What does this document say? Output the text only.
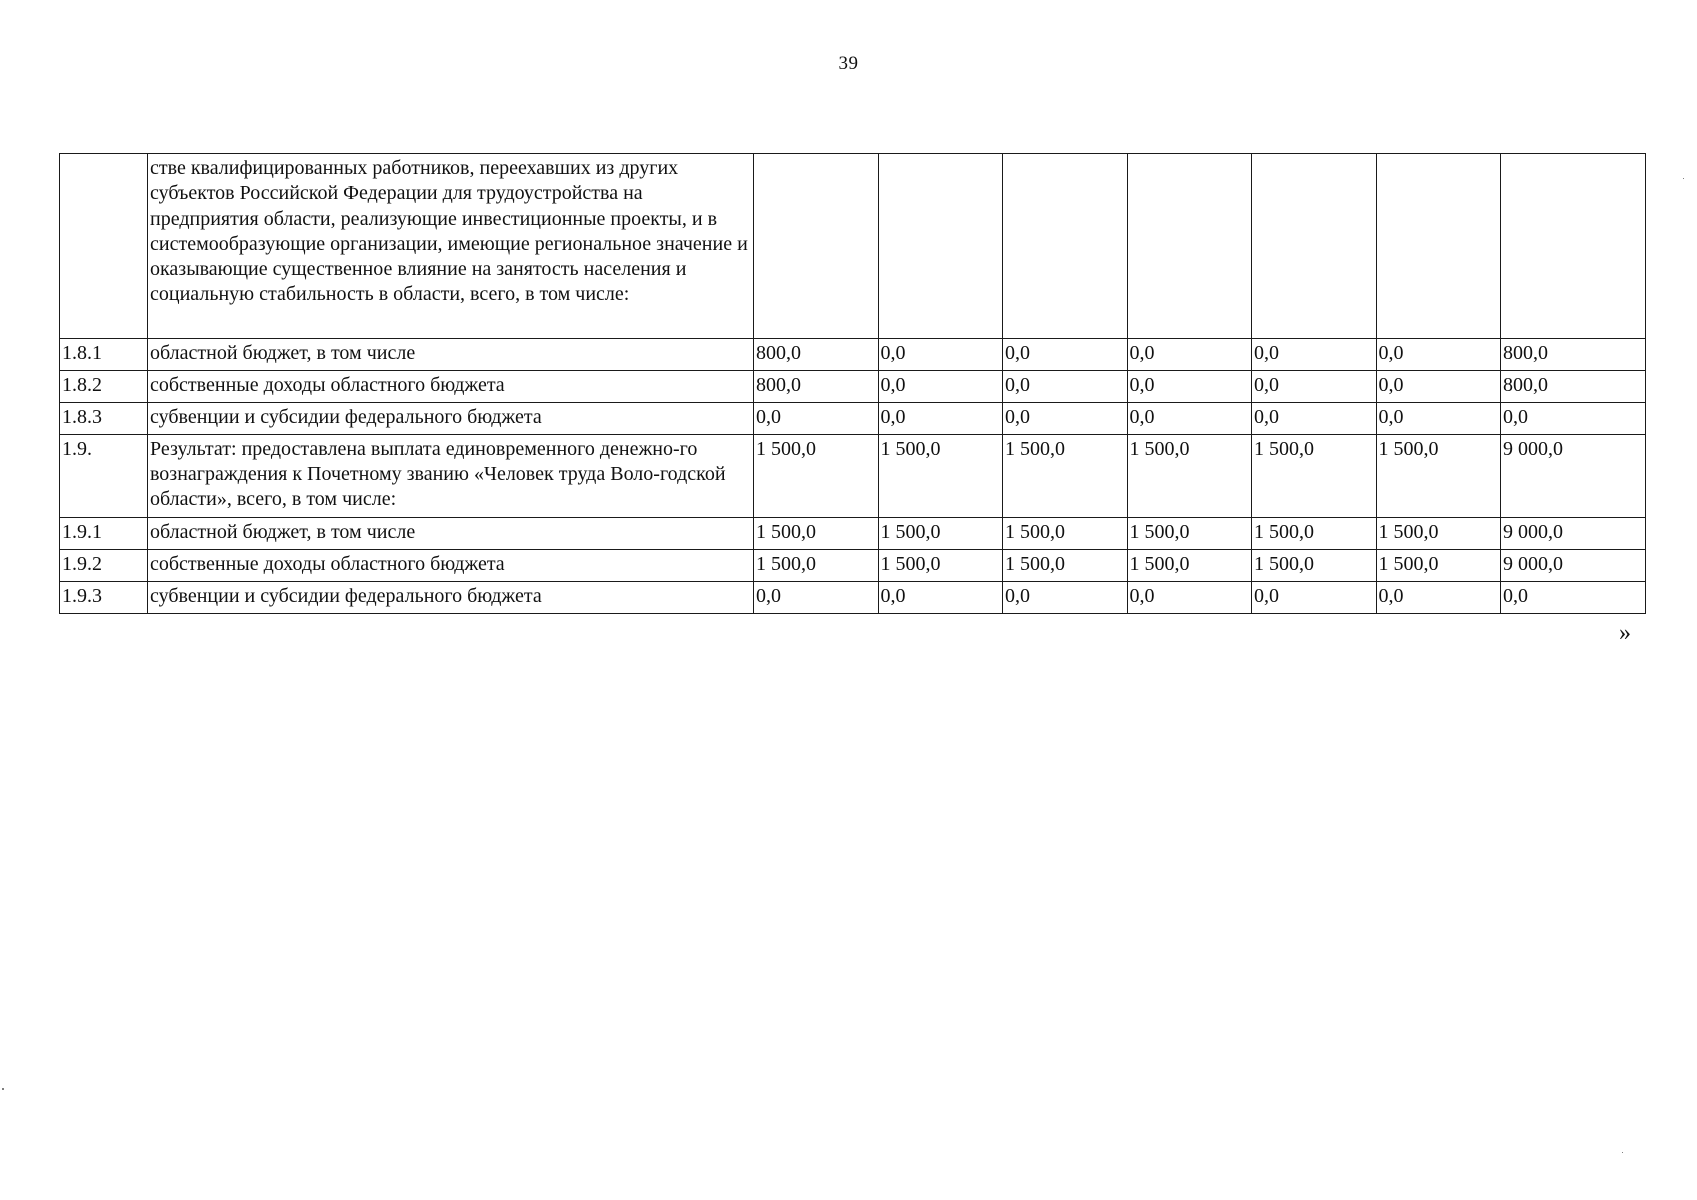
39
	стве квалифицированных работников, переехавших из других субъектов Российской Федерации для трудоустройства на предприятия области, реализующие инвестиционные проекты, и в системообразующие организации, имеющие региональное значение и оказывающие существенное влияние на занятость населения и социальную стабильность в области, всего, в том числе:							
1.8.1	областной бюджет, в том числе	800,0	0,0	0,0	0,0	0,0	0,0	800,0
1.8.2	собственные доходы областного бюджета	800,0	0,0	0,0	0,0	0,0	0,0	800,0
1.8.3	субвенции и субсидии федерального бюджета	0,0	0,0	0,0	0,0	0,0	0,0	0,0
1.9.	Результат: предоставлена выплата единовременного денежно-го вознаграждения к Почетному званию «Человек труда Воло-годской области», всего, в том числе:	1 500,0	1 500,0	1 500,0	1 500,0	1 500,0	1 500,0	9 000,0
1.9.1	областной бюджет, в том числе	1 500,0	1 500,0	1 500,0	1 500,0	1 500,0	1 500,0	9 000,0
1.9.2	собственные доходы областного бюджета	1 500,0	1 500,0	1 500,0	1 500,0	1 500,0	1 500,0	9 000,0
1.9.3	субвенции и субсидии федерального бюджета	0,0	0,0	0,0	0,0	0,0	0,0	0,0
»
